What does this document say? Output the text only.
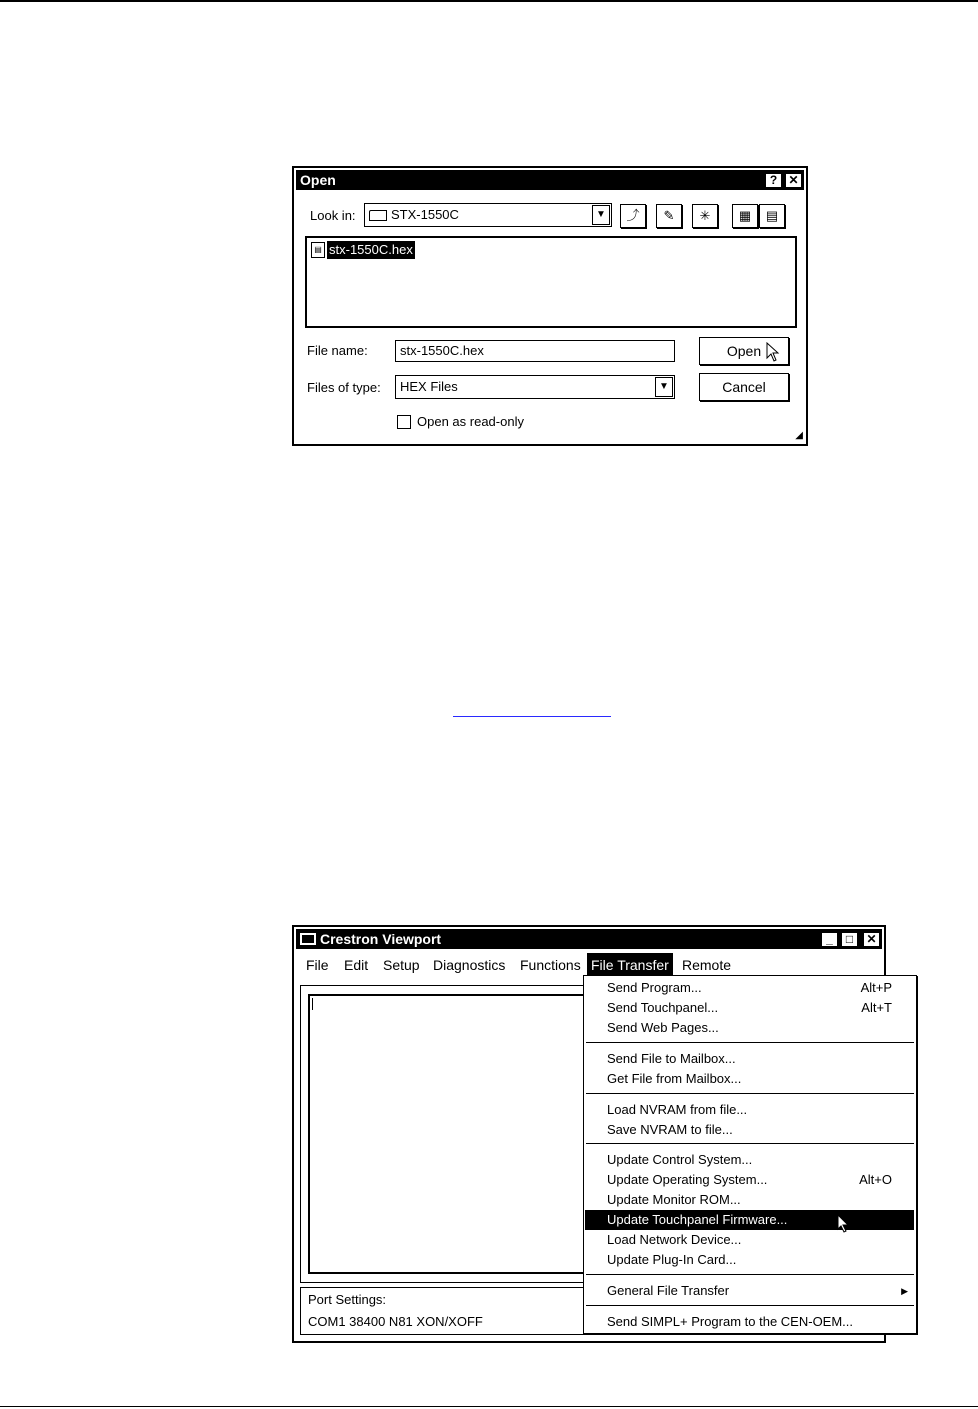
Open	? ✕
Look in:	STX-1550C	▼	⤴	✎	✳	▦	▤
▤ stx-1550C.hex
File name:	stx-1550C.hex
Files of type:	HEX Files	▼
Open
Cancel
Open as read-only
◢
Crestron Viewport	_	□	✕
File Edit Setup Diagnostics Functions File Transfer Remote
Port Settings:
COM1 38400 N81 XON/XOFF
Send Program...	Alt+P
Send Touchpanel...	Alt+T
Send Web Pages...
Send File to Mailbox...
Get File from Mailbox...
Load NVRAM from file...
Save NVRAM to file...
Update Control System...
Update Operating System...	Alt+O
Update Monitor ROM...
Update Touchpanel Firmware...
Load Network Device...
Update Plug-In Card...
General File Transfer	▶
Send SIMPL+ Program to the CEN-OEM...
